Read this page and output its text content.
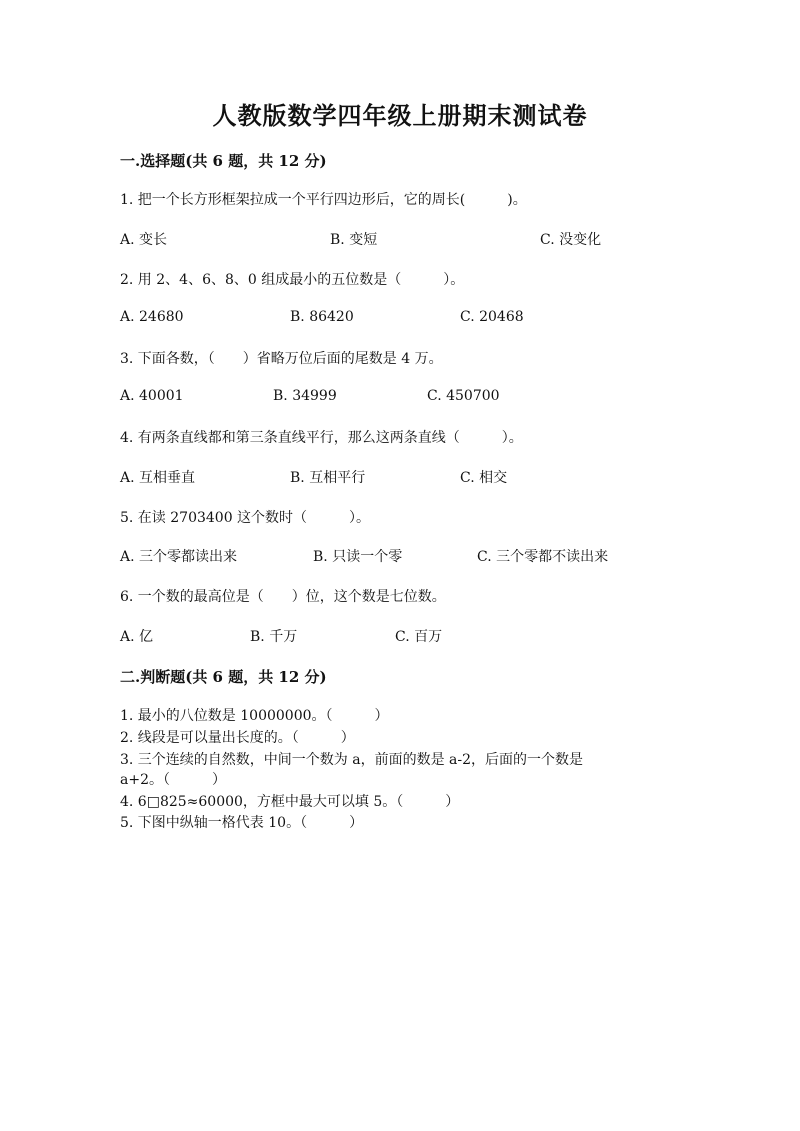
人教版数学四年级上册期末测试卷
一.选择题(共 6 题，共 12 分)
1. 把一个长方形框架拉成一个平行四边形后，它的周长(　　　)。
A. 变长	B. 变短	C. 没变化
2. 用 2、4、6、8、0 组成最小的五位数是（　　　）。
A. 24680	B. 86420	C. 20468
3. 下面各数，（　　）省略万位后面的尾数是 4 万。
A. 40001	B. 34999	C. 450700
4. 有两条直线都和第三条直线平行，那么这两条直线（　　　）。
A. 互相垂直	B. 互相平行	C. 相交
5. 在读 2703400 这个数时（　　　）。
A. 三个零都读出来	B. 只读一个零	C. 三个零都不读出来
6. 一个数的最高位是（　　）位，这个数是七位数。
A. 亿	B. 千万	C. 百万
二.判断题(共 6 题，共 12 分)
1. 最小的八位数是 10000000。（　　　）
2. 线段是可以量出长度的。（　　　）
3. 三个连续的自然数，中间一个数为 a，前面的数是 a-2，后面的一个数是
a+2。（　　　）
4. 6□825≈60000，方框中最大可以填 5。（　　　）
5. 下图中纵轴一格代表 10。（　　　）
